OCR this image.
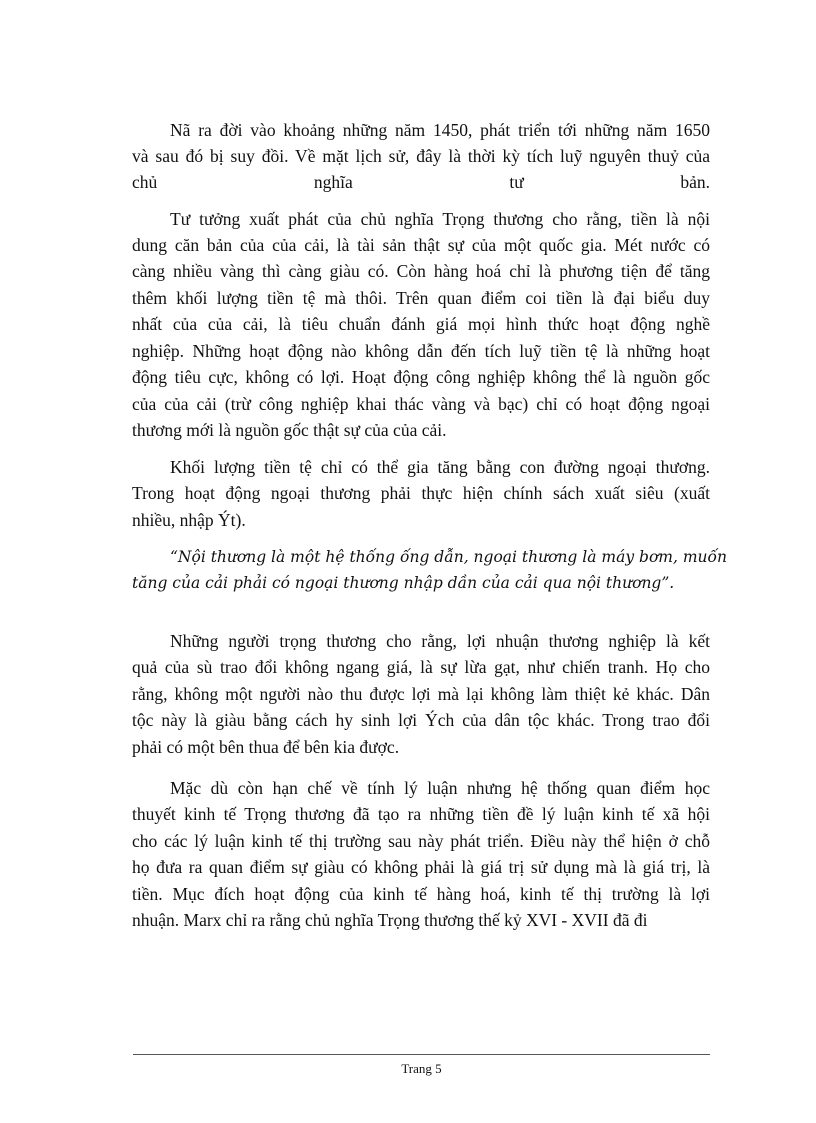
Nã ra đời vào khoảng những năm 1450, phát triển tới những năm 1650
và sau đó bị suy đồi. Về mặt lịch sử, đây là thời kỳ tích luỹ nguyên thuỷ của
chủ nghĩa tư bản.
Tư tưởng xuất phát của chủ nghĩa Trọng thương cho rằng, tiền là nội
dung căn bản của của cải, là tài sản thật sự của một quốc gia. Mét nước có
càng nhiều vàng thì càng giàu có. Còn hàng hoá chỉ là phương tiện để tăng
thêm khối lượng tiền tệ mà thôi. Trên quan điểm coi tiền là đại biểu duy
nhất của của cải, là tiêu chuẩn đánh giá mọi hình thức hoạt động nghề
nghiệp. Những hoạt động nào không dẫn đến tích luỹ tiền tệ là những hoạt
động tiêu cực, không có lợi. Hoạt động công nghiệp không thể là nguồn gốc
của của cải (trừ công nghiệp khai thác vàng và bạc) chỉ có hoạt động ngoại
thương mới là nguồn gốc thật sự của của cải.
Khối lượng tiền tệ chỉ có thể gia tăng bằng con đường ngoại thương.
Trong hoạt động ngoại thương phải thực hiện chính sách xuất siêu (xuất
nhiều, nhập Ýt).
“Nội thương là một hệ thống ống dẫn, ngoại thương là máy bơm, muốn
tăng của cải phải có ngoại thương nhập dần của cải qua nội thương”.
Những người trọng thương cho rằng, lợi nhuận thương nghiệp là kết
quả của sù trao đổi không ngang giá, là sự lừa gạt, như chiến tranh. Họ cho
rằng, không một người nào thu được lợi mà lại không làm thiệt kẻ khác. Dân
tộc này là giàu bằng cách hy sinh lợi Ých của dân tộc khác. Trong trao đổi
phải có một bên thua để bên kia được.
Mặc dù còn hạn chế về tính lý luận nhưng hệ thống quan điểm học
thuyết kinh tế Trọng thương đã tạo ra những tiền đề lý luận kinh tế xã hội
cho các lý luận kinh tế thị trường sau này phát triển. Điều này thể hiện ở chỗ
họ đưa ra quan điểm sự giàu có không phải là giá trị sử dụng mà là giá trị, là
tiền. Mục đích hoạt động của kinh tế hàng hoá, kinh tế thị trường là lợi
nhuận. Marx chỉ ra rằng chủ nghĩa Trọng thương thế kỷ XVI - XVII đã đi
Trang 5
